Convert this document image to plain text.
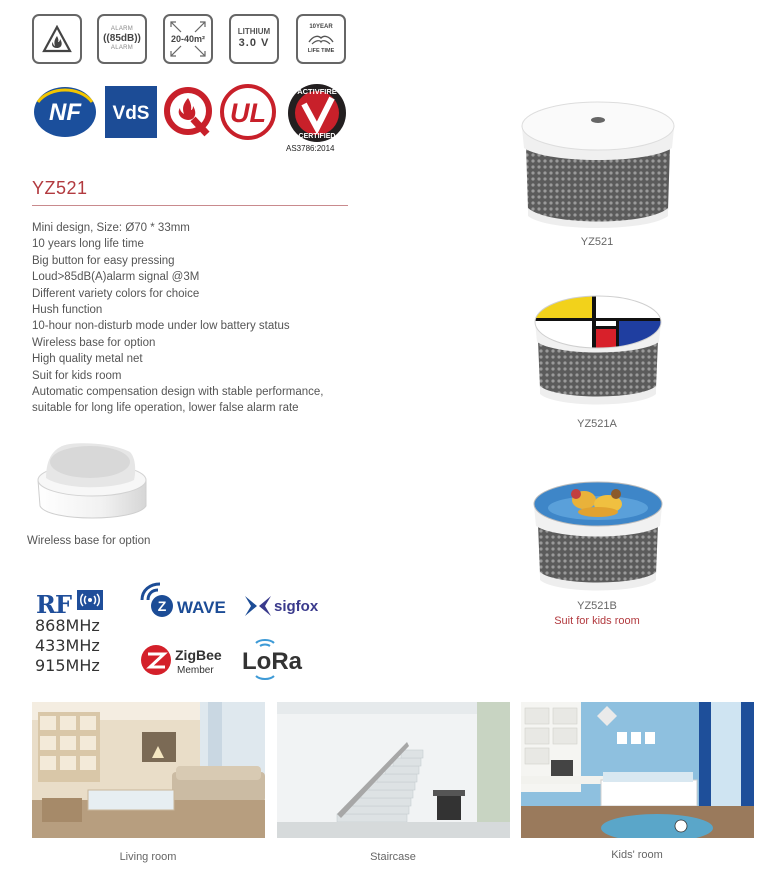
ALARM
((85dB))
ALARM
20-40m²
LITHIUM
3.0 V
10YEAR
LIFE TIME
NF VdS	UL
ACTIVFIRE
CERTIFIED
AS3786:2014
YZ521
Mini design, Size: Ø70 * 33mm
10 years long life time
Big button for easy pressing
Loud>85dB(A)alarm signal @3M
Different variety colors for choice
Hush function
10-hour non-disturb mode under low battery status
Wireless base for option
High quality metal net
Suit for kids room
Automatic compensation design with stable performance,
suitable for long life operation, lower false alarm rate
Wireless base for option
RF
868MHz
433MHz
915MHz
Z WAVE	sigfox
ZigBee
Member LoRa
YZ521
YZ521A
YZ521B
Suit for kids room
Living room	Staircase	Kids' room
